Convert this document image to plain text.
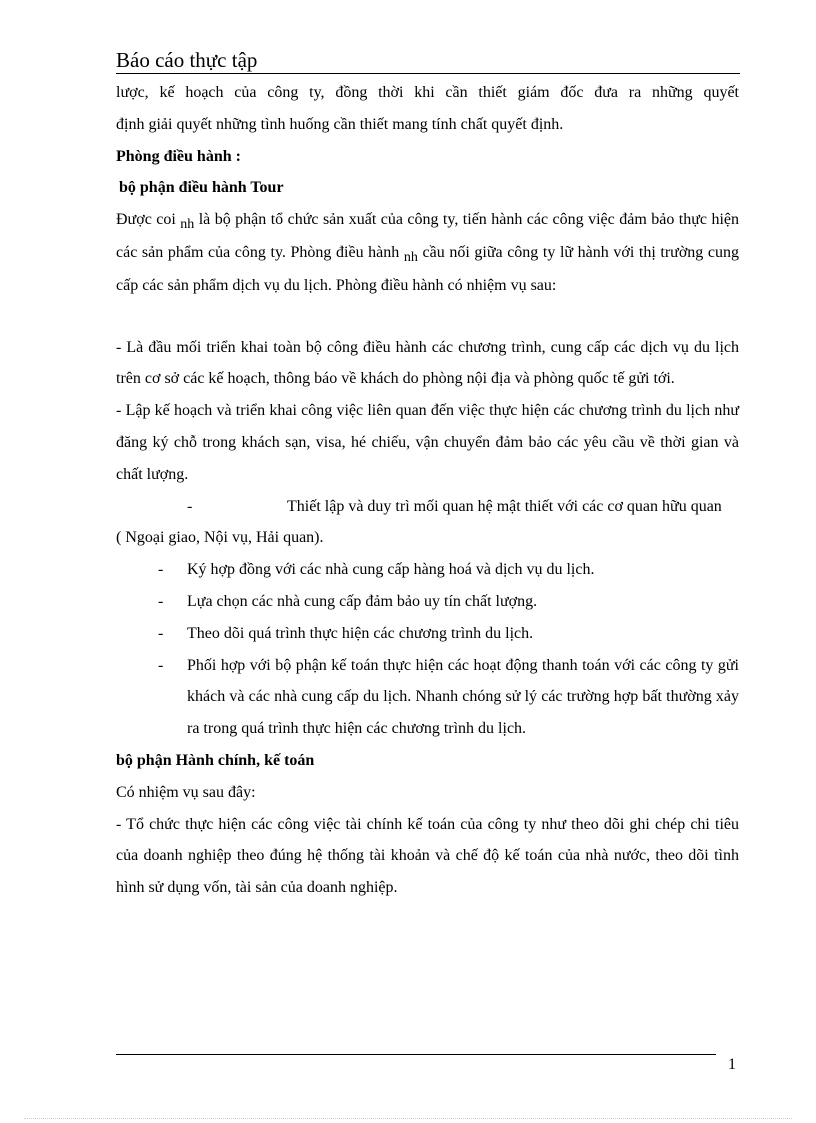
Báo cáo thực tập

lược, kế hoạch của công ty, đồng thời khi cần thiết giám đốc đưa ra những quyết

định giải quyết những tình huống cần thiết mang tính chất quyết định.

Phòng điều hành :

bộ phận điều hành Tour

Được coi nh là bộ phận tổ chức sản xuất của công ty, tiến hành các công việc đảm bảo thực hiện các sản phẩm của công ty. Phòng điều hành nh cầu nối giữa công ty lữ hành với thị trường cung cấp các sản phẩm dịch vụ du lịch. Phòng điều hành có nhiệm vụ sau:

- Là đầu mối triển khai toàn bộ công điều hành các chương trình, cung cấp các dịch vụ du lịch trên cơ sở các kế hoạch, thông báo về khách do phòng nội địa và phòng quốc tế gửi tới.

- Lập kế hoạch và triển khai công việc liên quan đến việc thực hiện các chương trình du lịch như đăng ký chỗ trong khách sạn, visa, hé chiếu, vận chuyển đảm bảo các yêu cầu về thời gian và chất lượng.

-	Thiết lập và duy trì mối quan hệ mật thiết với các cơ quan hữu quan

( Ngoại giao, Nội vụ, Hải quan).

- Ký hợp đồng với các nhà cung cấp hàng hoá và dịch vụ du lịch.

- Lựa chọn các nhà cung cấp đảm bảo uy tín chất lượng.

- Theo dõi quá trình thực hiện các chương trình du lịch.

- Phối hợp với bộ phận kế toán thực hiện các hoạt động thanh toán với các công ty gửi khách và các nhà cung cấp du lịch. Nhanh chóng sử lý các trường hợp bất thường xảy ra trong quá trình thực hiện các chương trình du lịch.

bộ phận Hành chính, kế toán

Có nhiệm vụ sau đây:

- Tổ chức thực hiện các công việc tài chính kế toán của công ty như theo dõi ghi chép chi tiêu của doanh nghiệp theo đúng hệ thống tài khoản và chế độ kế toán của nhà nước, theo dõi tình hình sử dụng vốn, tài sản của doanh nghiệp.

1
